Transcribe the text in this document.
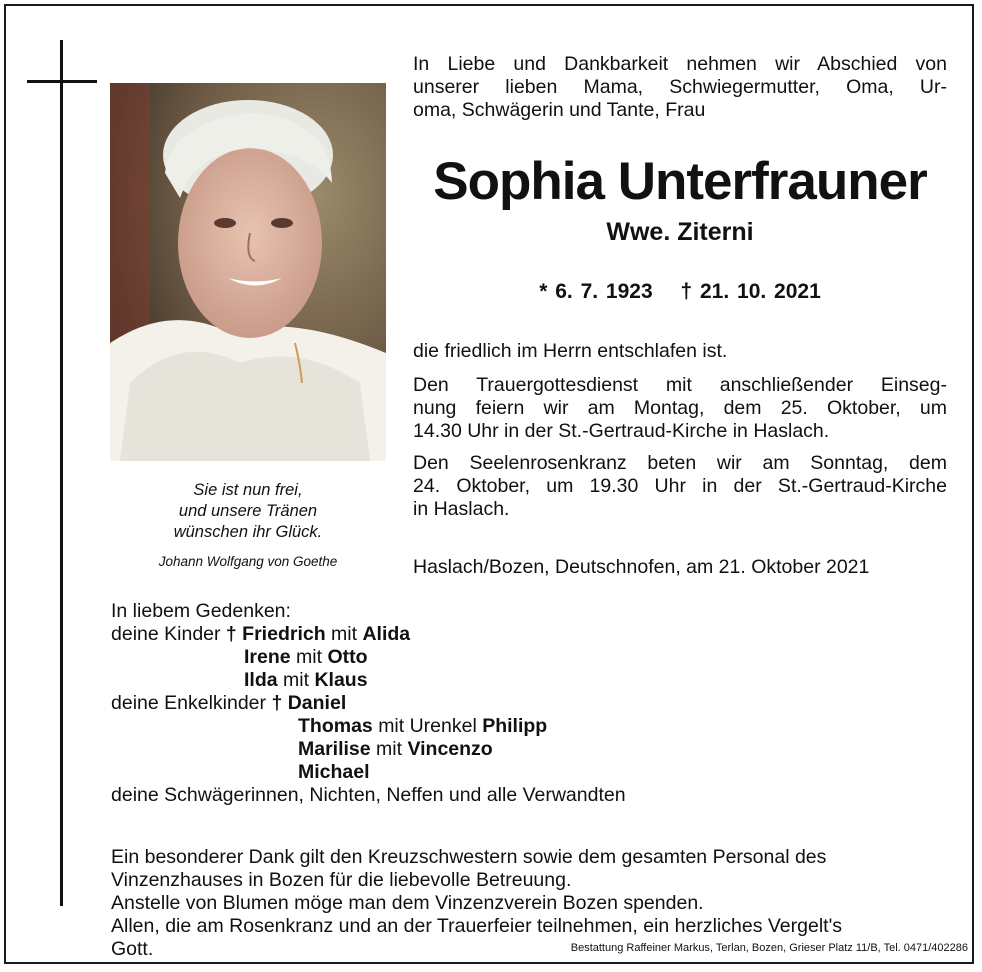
Sie ist nun frei,
und unsere Tränen
wünschen ihr Glück.
Johann Wolfgang von Goethe
In Liebe und Dankbarkeit nehmen wir Abschied von
unserer lieben Mama, Schwiegermutter, Oma, Ur-
oma, Schwägerin und Tante, Frau
Sophia Unterfrauner
Wwe. Ziterni
* 6. 7. 1923 † 21. 10. 2021
die friedlich im Herrn entschlafen ist.
Den Trauergottesdienst mit anschließender Einseg-
nung feiern wir am Montag, dem 25. Oktober, um
14.30 Uhr in der St.-Gertraud-Kirche in Haslach.
Den Seelenrosenkranz beten wir am Sonntag, dem
24. Oktober, um 19.30 Uhr in der St.-Gertraud-Kirche
in Haslach.
Haslach/Bozen, Deutschnofen, am 21. Oktober 2021
In liebem Gedenken:
deine Kinder † Friedrich mit Alida
Irene mit Otto
Ilda mit Klaus
deine Enkelkinder † Daniel
Thomas mit Urenkel Philipp
Marilise mit Vincenzo
Michael
deine Schwägerinnen, Nichten, Neffen und alle Verwandten
Ein besonderer Dank gilt den Kreuzschwestern sowie dem gesamten Personal des
Vinzenzhauses in Bozen für die liebevolle Betreuung.
Anstelle von Blumen möge man dem Vinzenzverein Bozen spenden.
Allen, die am Rosenkranz und an der Trauerfeier teilnehmen, ein herzliches Vergelt's
Gott.	Bestattung Raffeiner Markus, Terlan, Bozen, Grieser Platz 11/B, Tel. 0471/402286
